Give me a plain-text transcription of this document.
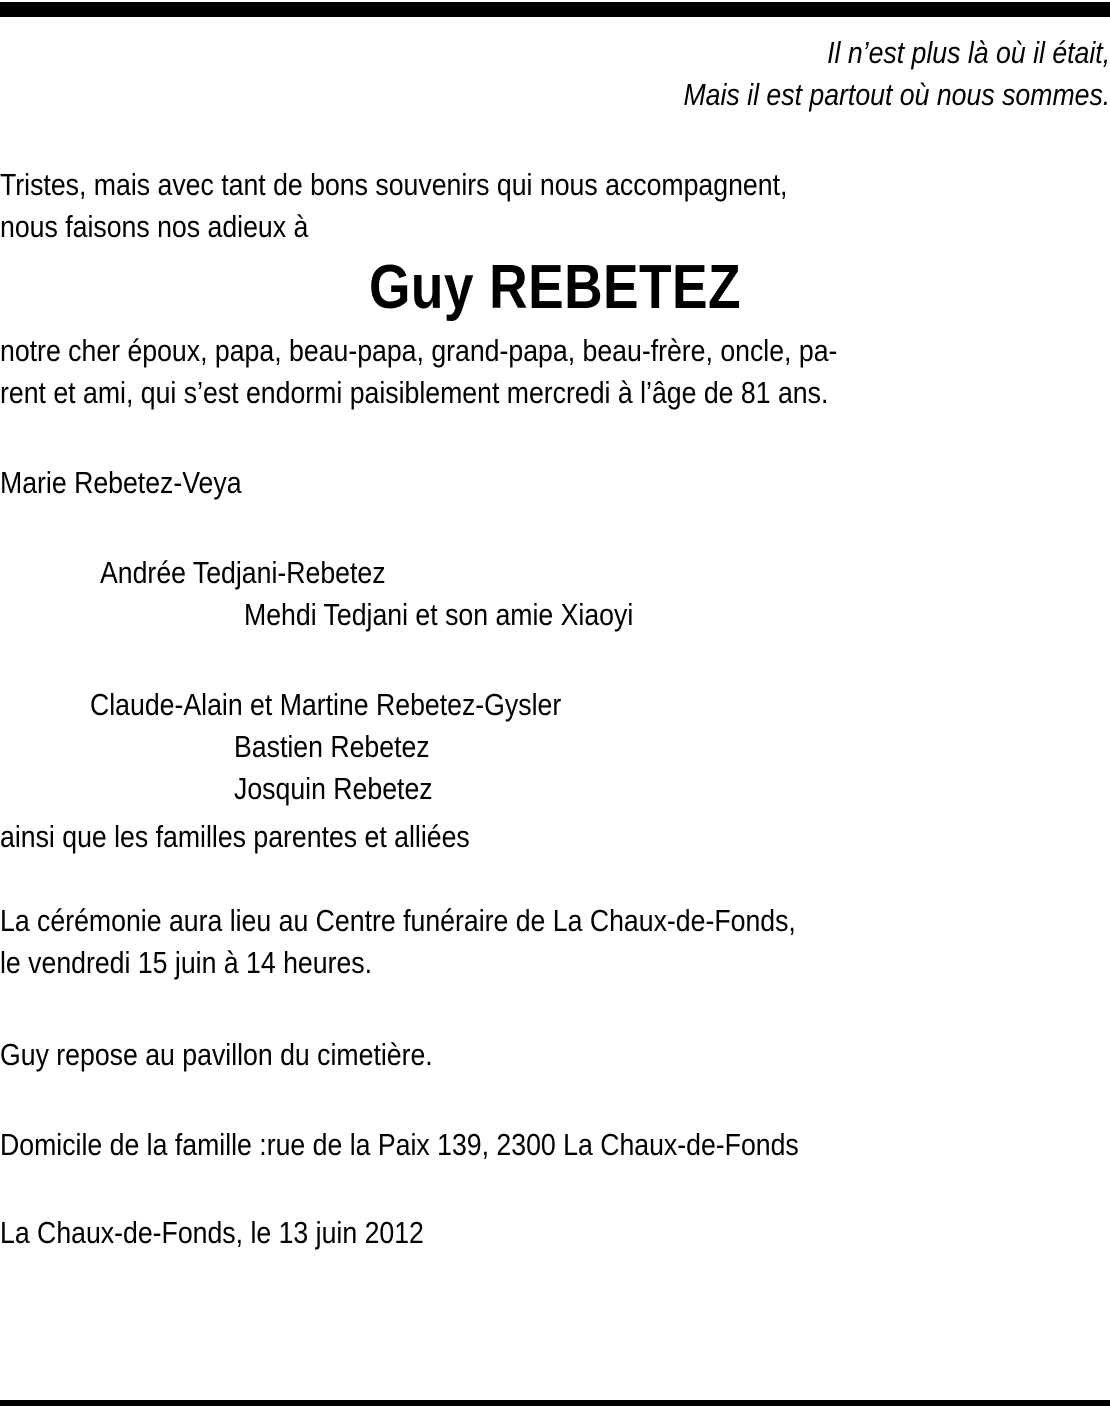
Il n’est plus là où il était,
Mais il est partout où nous sommes.
Tristes, mais avec tant de bons souvenirs qui nous accompagnent,
nous faisons nos adieux à
Guy REBETEZ
notre cher époux, papa, beau-papa, grand-papa, beau-frère, oncle, pa-
rent et ami, qui s’est endormi paisiblement mercredi à l’âge de 81 ans.
Marie Rebetez-Veya
Andrée Tedjani-Rebetez
Mehdi Tedjani et son amie Xiaoyi
Claude-Alain et Martine Rebetez-Gysler
Bastien Rebetez
Josquin Rebetez
ainsi que les familles parentes et alliées
La cérémonie aura lieu au Centre funéraire de La Chaux-de-Fonds,
le vendredi 15 juin à 14 heures.
Guy repose au pavillon du cimetière.
Domicile de la famille :rue de la Paix 139, 2300 La Chaux-de-Fonds
La Chaux-de-Fonds, le 13 juin 2012
